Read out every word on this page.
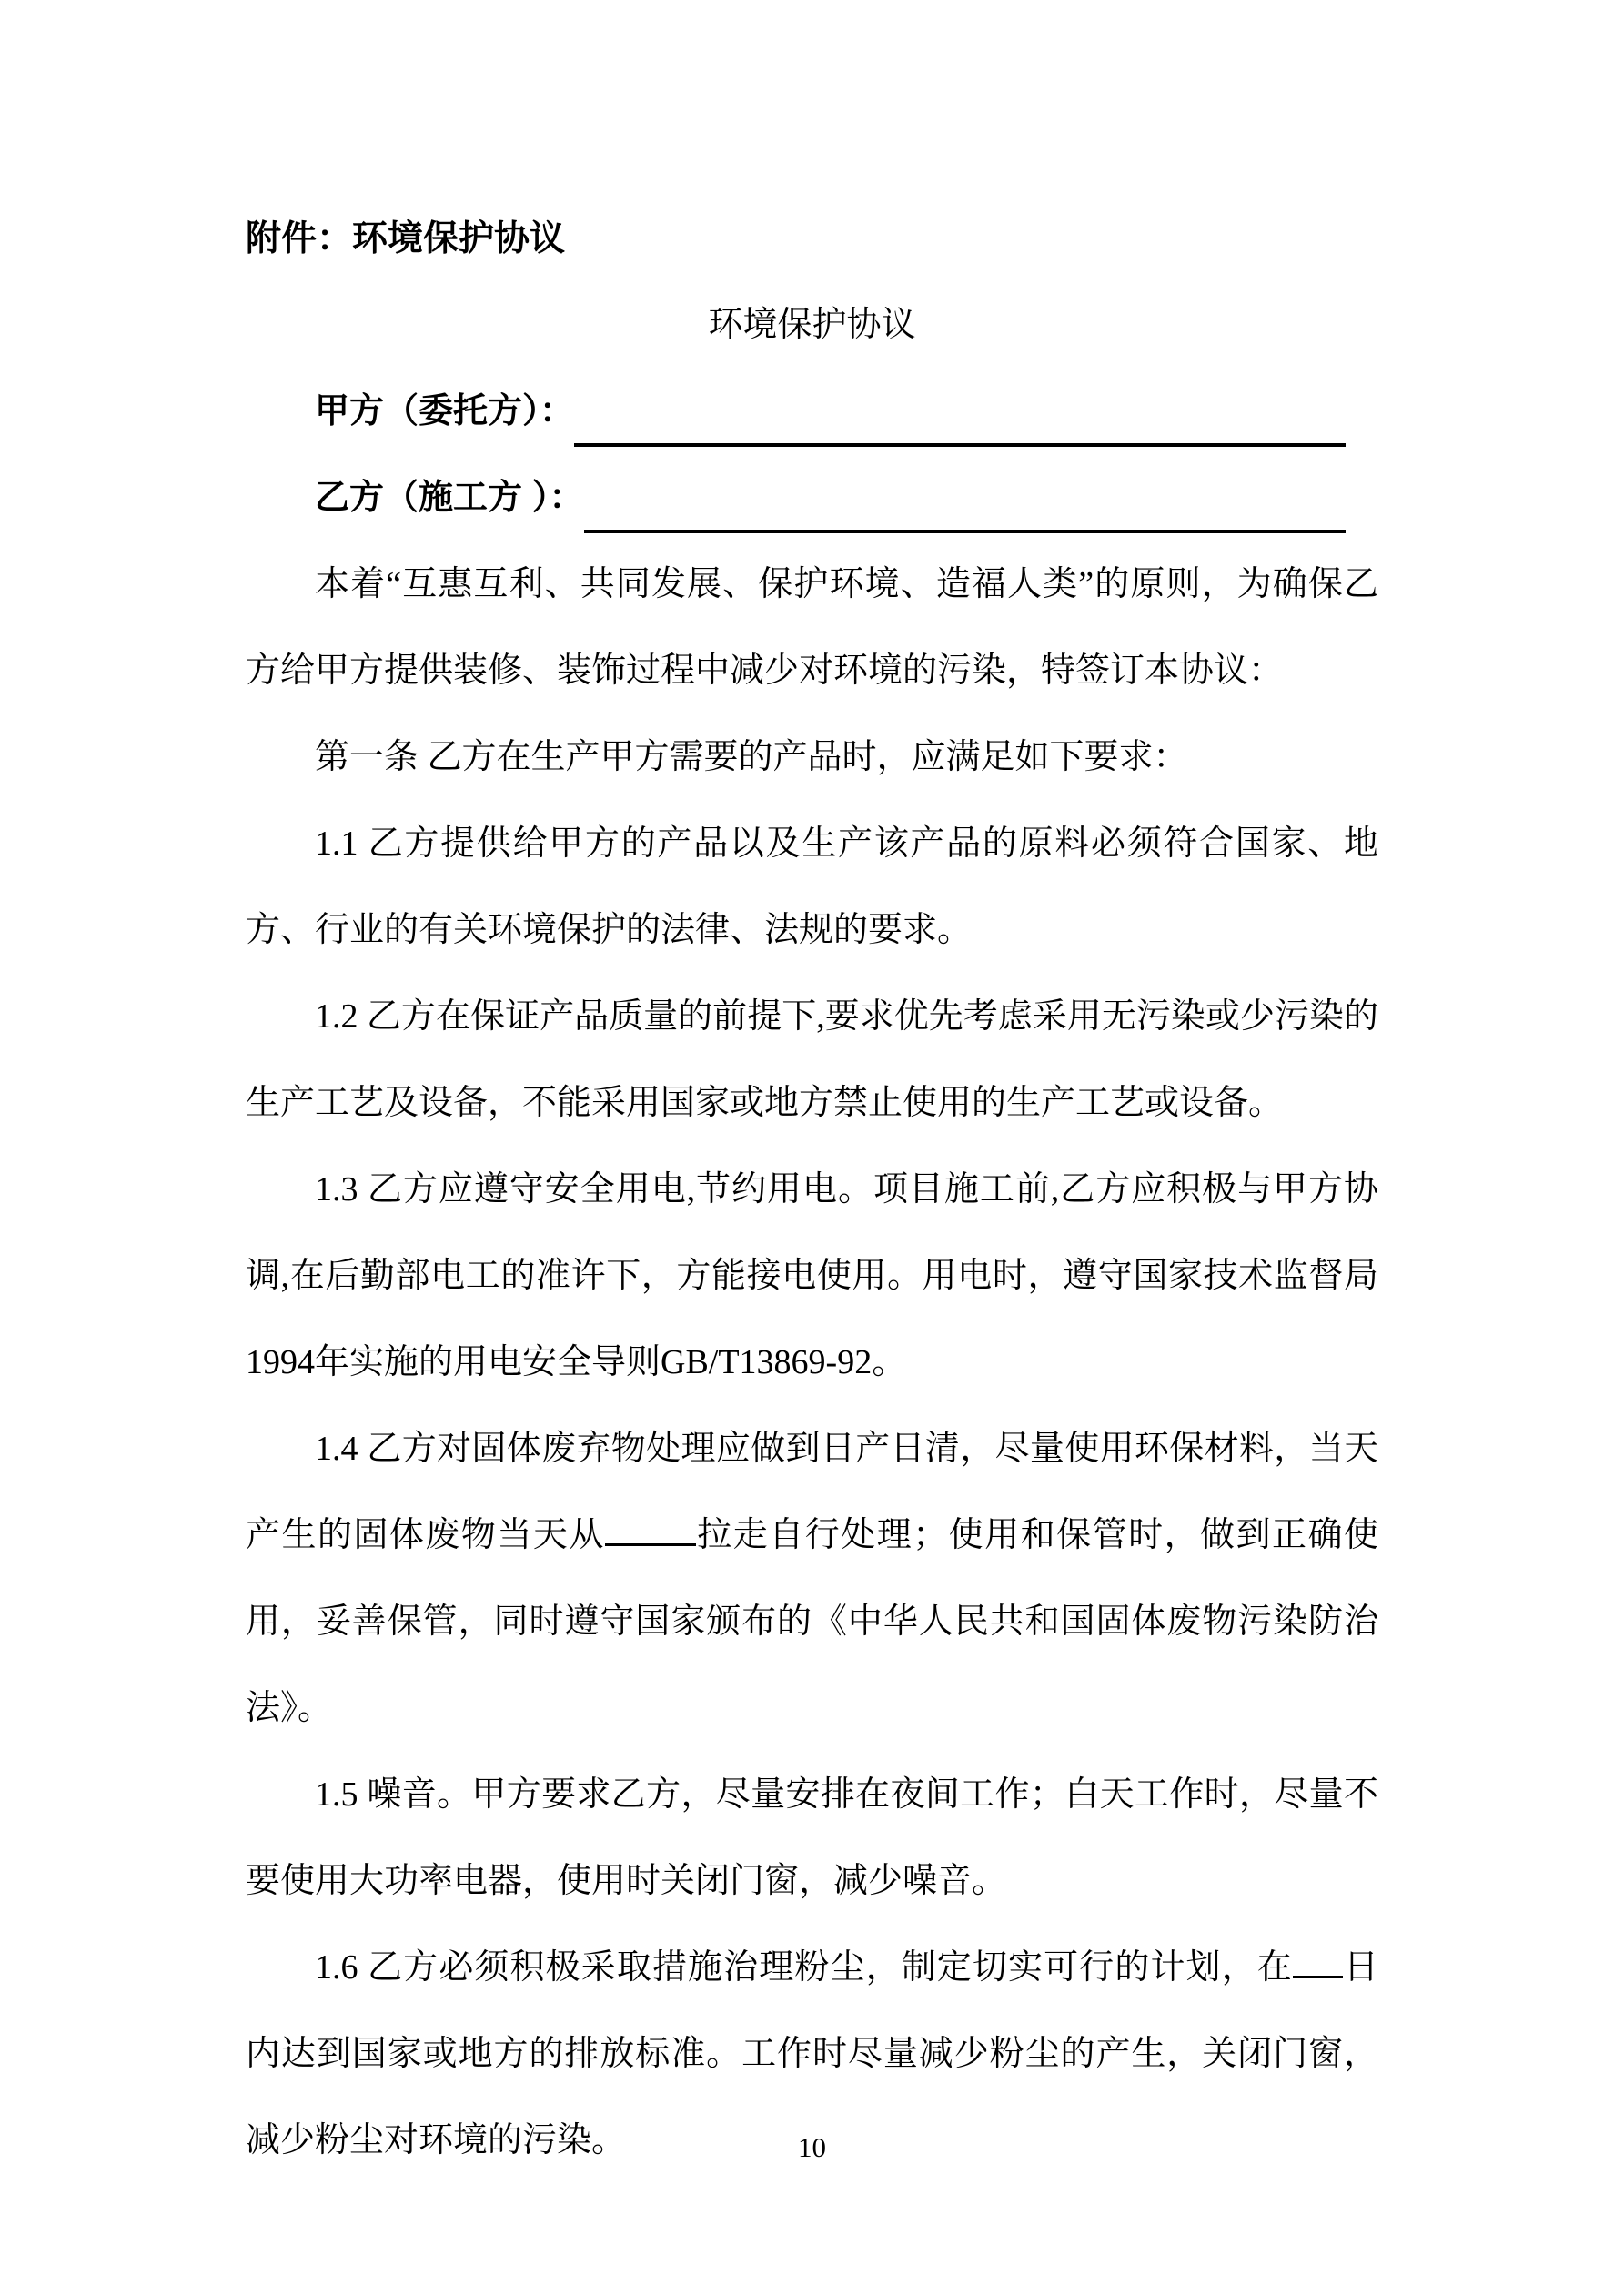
附件：环境保护协议
环境保护协议
甲方（委托方）：
乙方（施工方 ）：

本着“互惠互利、共同发展、保护环境、造福人类”的原则，为确保乙方给甲方提供装修、装饰过程中减少对环境的污染，特签订本协议：

第一条 乙方在生产甲方需要的产品时，应满足如下要求：

1.1 乙方提供给甲方的产品以及生产该产品的原料必须符合国家、地方、行业的有关环境保护的法律、法规的要求。

1.2 乙方在保证产品质量的前提下,要求优先考虑采用无污染或少污染的生产工艺及设备，不能采用国家或地方禁止使用的生产工艺或设备。

1.3 乙方应遵守安全用电,节约用电。项目施工前,乙方应积极与甲方协调,在后勤部电工的准许下，方能接电使用。用电时，遵守国家技术监督局1994年实施的用电安全导则GB/T13869-92。

1.4 乙方对固体废弃物处理应做到日产日清，尽量使用环保材料，当天产生的固体废物当天从	拉走自行处理；使用和保管时，做到正确使用，妥善保管，同时遵守国家颁布的《中华人民共和国固体废物污染防治法》。

1.5 噪音。甲方要求乙方，尽量安排在夜间工作；白天工作时，尽量不要使用大功率电器，使用时关闭门窗，减少噪音。

1.6 乙方必须积极采取措施治理粉尘，制定切实可行的计划，在 日内达到国家或地方的排放标准。工作时尽量减少粉尘的产生，关闭门窗，减少粉尘对环境的污染。	10
